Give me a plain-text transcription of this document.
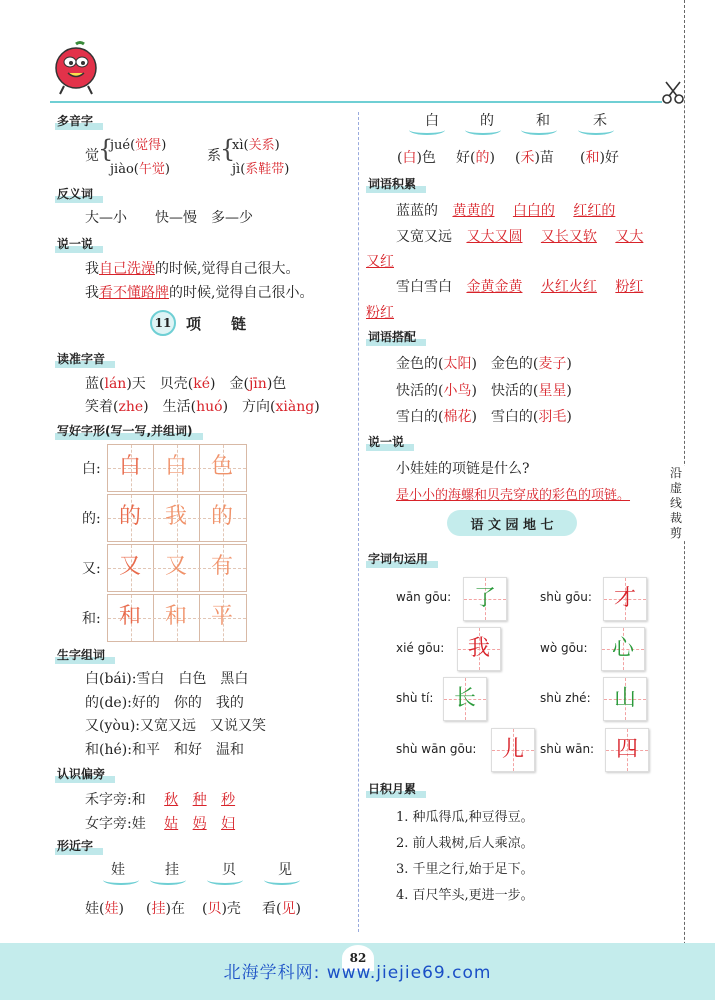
多音字
觉 {
jué(觉得)
jiào(午觉)
系 {
xì(关系)
jì(系鞋带)
反义词
大—小　　快—慢　多—少
说一说
我自己洗澡的时候,觉得自己很大。
我看不懂路牌的时候,觉得自己很小。
11 项　　链
读准字音
蓝(lán)天　贝壳(ké)　金(jīn)色
笑着(zhe)　生活(huó)　方向(xiàng)
写好字形(写一写,并组词)
白: 白	白	色
的: 的	我	的
又: 又	又	有
和: 和	和	平
生字组词
白(bái):雪白　白色　黑白
的(de):好的　你的　我的
又(yòu):又宽又远　又说又笑
和(hé):和平　和好　温和
认识偏旁
禾字旁:和 秋 种 秒
女字旁:娃 姑 妈 妇
形近字
娃	挂	贝	见
娃(娃) (挂)在 (贝)壳 看(见)
白	的	和	禾
(白)色 好(的) (禾)苗 (和)好
词语积累
蓝蓝的 黄黄的 白白的 红红的
又宽又远 又大又圆 又长又软 又大
又红
雪白雪白 金黄金黄 火红火红 粉红
粉红
词语搭配
金色的(太阳)　金色的(麦子)
快活的(小鸟)　快活的(星星)
雪白的(棉花)　雪白的(羽毛)
说一说
小娃娃的项链是什么?
是小小的海螺和贝壳穿成的彩色的项链。
语 文 园 地 七
字词句运用
wān gōu:	了	shù gōu:	才
xié gōu:	我	wò gōu:	心
shù tí: 长	shù zhé:	山
shù wān gōu:	儿	shù wān: 四
日积月累
1. 种瓜得瓜,种豆得豆。
2. 前人栽树,后人乘凉。
3. 千里之行,始于足下。
4. 百尺竿头,更进一步。
沿
虚
线
裁
剪
82
北海学科网: www.jiejie69.com
